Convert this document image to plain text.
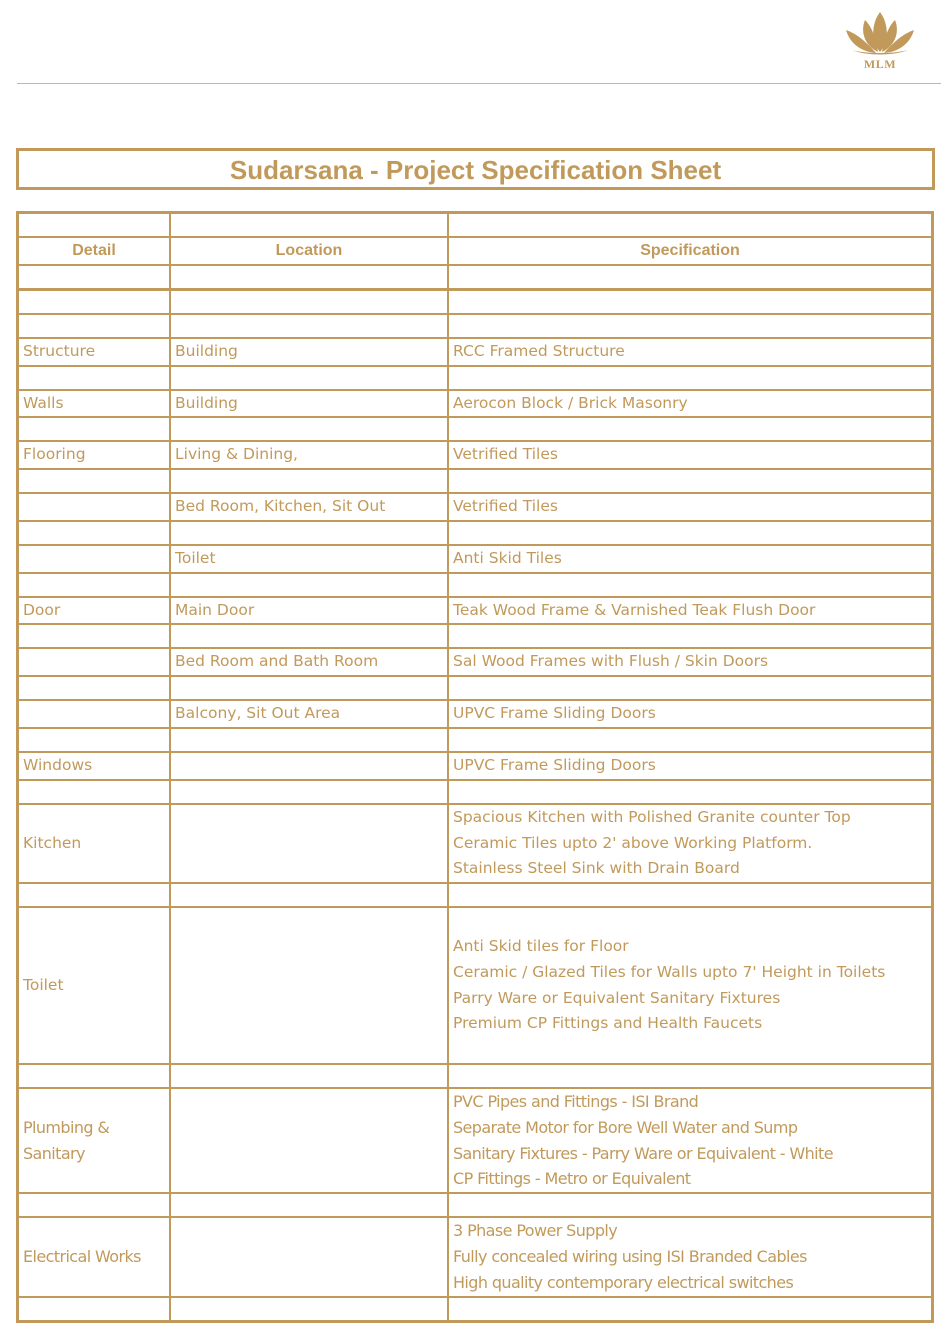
MLM
Sudarsana - Project Specification Sheet

Detail	Location	Specification

Structure	Building	RCC Framed Structure

Walls	Building	Aerocon Block / Brick Masonry

Flooring	Living & Dining,	Vetrified Tiles

	Bed Room, Kitchen, Sit Out	Vetrified Tiles

	Toilet	Anti Skid Tiles

Door	Main Door	Teak Wood Frame & Varnished Teak Flush Door

	Bed Room and Bath Room	Sal Wood Frames with Flush / Skin Doors

	Balcony, Sit Out Area	UPVC Frame Sliding Doors

Windows		UPVC Frame Sliding Doors

Kitchen		Spacious Kitchen with Polished Granite counter Top
Ceramic Tiles upto 2' above Working Platform.
Stainless Steel Sink with Drain Board

Toilet		Anti Skid tiles for Floor
Ceramic / Glazed Tiles for Walls upto 7' Height in Toilets
Parry Ware or Equivalent Sanitary Fixtures
Premium CP Fittings and Health Faucets

Plumbing &
Sanitary		PVC Pipes and Fittings - ISI Brand
Separate Motor for Bore Well Water and Sump
Sanitary Fixtures - Parry Ware or Equivalent - White
CP Fittings - Metro or Equivalent

Electrical Works		3 Phase Power Supply
Fully concealed wiring using ISI Branded Cables
High quality contemporary electrical switches
